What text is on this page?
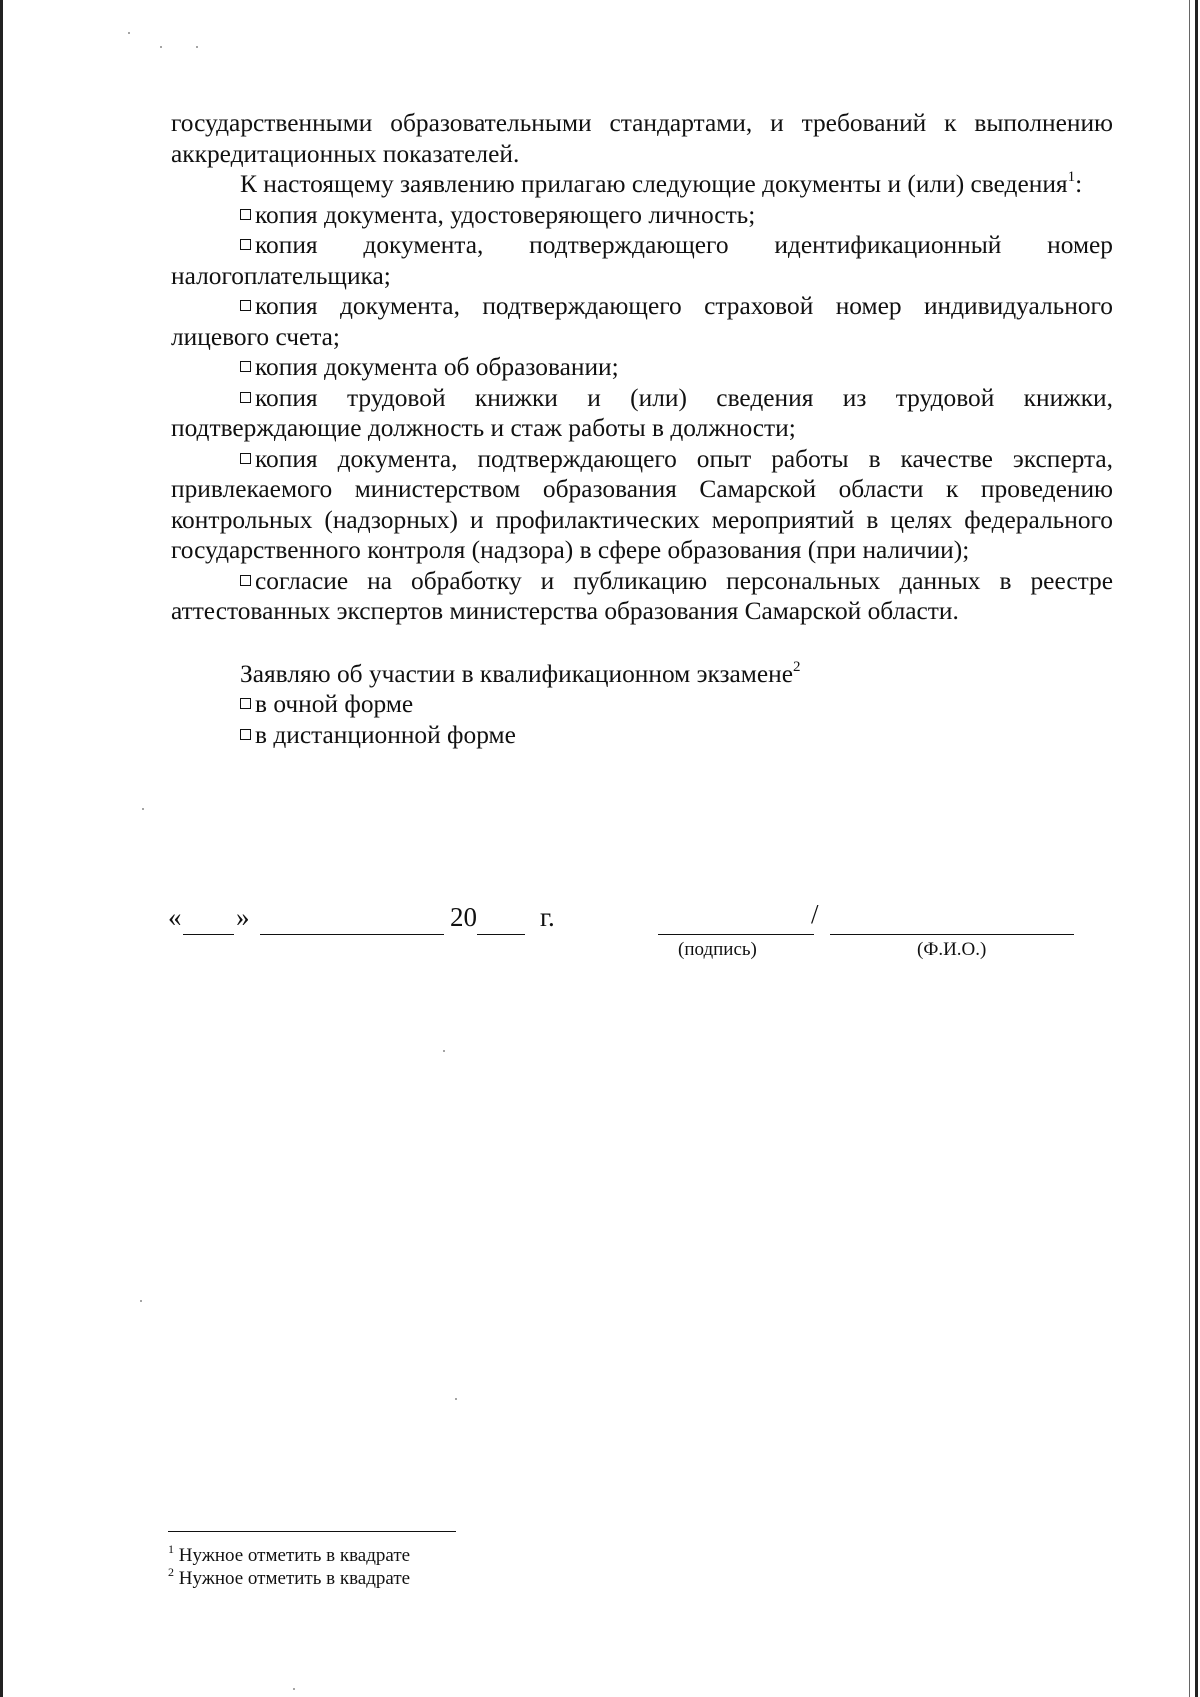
государственными образовательными стандартами, и требований к выполнению аккредитационных показателей.

К настоящему заявлению прилагаю следующие документы и (или) сведения$^1$:

копия документа, удостоверяющего личность;

копия документа, подтверждающего идентификационный номер налогоплательщика;

копия документа, подтверждающего страховой номер индивидуального лицевого счета;

копия документа об образовании;

копия трудовой книжки и (или) сведения из трудовой книжки, подтверждающие должность и стаж работы в должности;

копия документа, подтверждающего опыт работы в качестве эксперта, привлекаемого министерством образования Самарской области к проведению контрольных (надзорных) и профилактических мероприятий в целях федерального государственного контроля (надзора) в сфере образования (при наличии);

согласие на обработку и публикацию персональных данных в реестре аттестованных экспертов министерства образования Самарской области.

Заявляю об участии в квалификационном экзамене$^2$

в очной форме

в дистанционной форме

« »	20 г.	/
(подпись)	(Ф.И.О.)
$^1$ Нужное отметить в квадрате
$^2$ Нужное отметить в квадрате
